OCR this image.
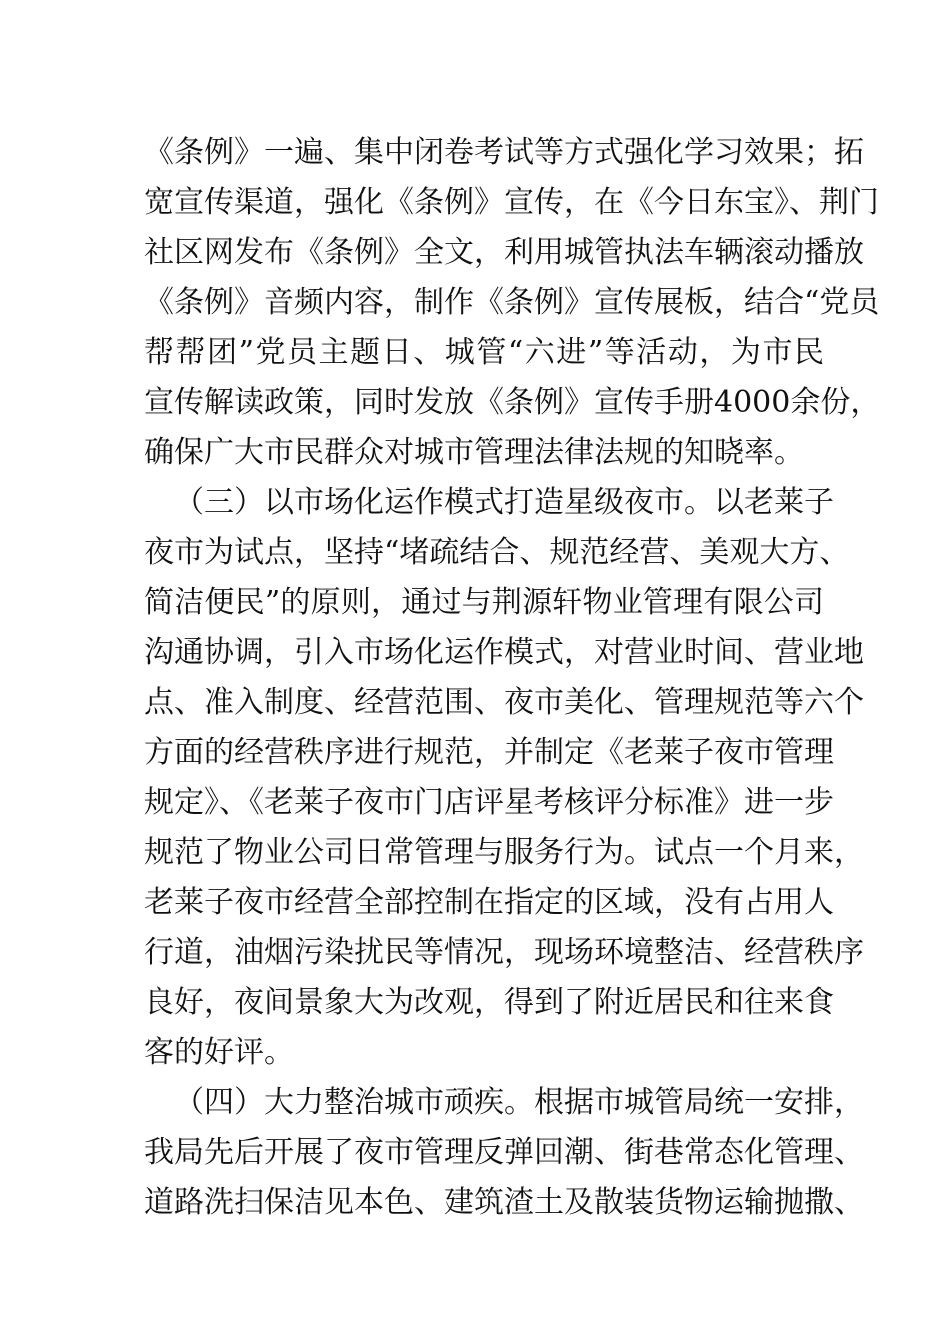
《条例》一遍、集中闭卷考试等方式强化学习效果；拓
宽宣传渠道，强化《条例》宣传，在《今日东宝》、荆门
社区网发布《条例》全文，利用城管执法车辆滚动播放
《条例》音频内容，制作《条例》宣传展板，结合“党员
帮帮团”党员主题日、城管“六进”等活动，为市民
宣传解读政策，同时发放《条例》宣传手册4000余份，
确保广大市民群众对城市管理法律法规的知晓率。
（三）以市场化运作模式打造星级夜市。以老莱子
夜市为试点，坚持“堵疏结合、规范经营、美观大方、
简洁便民”的原则，通过与荆源轩物业管理有限公司
沟通协调，引入市场化运作模式，对营业时间、营业地
点、准入制度、经营范围、夜市美化、管理规范等六个
方面的经营秩序进行规范，并制定《老莱子夜市管理
规定》、《老莱子夜市门店评星考核评分标准》进一步
规范了物业公司日常管理与服务行为。试点一个月来，
老莱子夜市经营全部控制在指定的区域，没有占用人
行道，油烟污染扰民等情况，现场环境整洁、经营秩序
良好，夜间景象大为改观，得到了附近居民和往来食
客的好评。
（四）大力整治城市顽疾。根据市城管局统一安排，
我局先后开展了夜市管理反弹回潮、街巷常态化管理、
道路洗扫保洁见本色、建筑渣土及散装货物运输抛撒、
